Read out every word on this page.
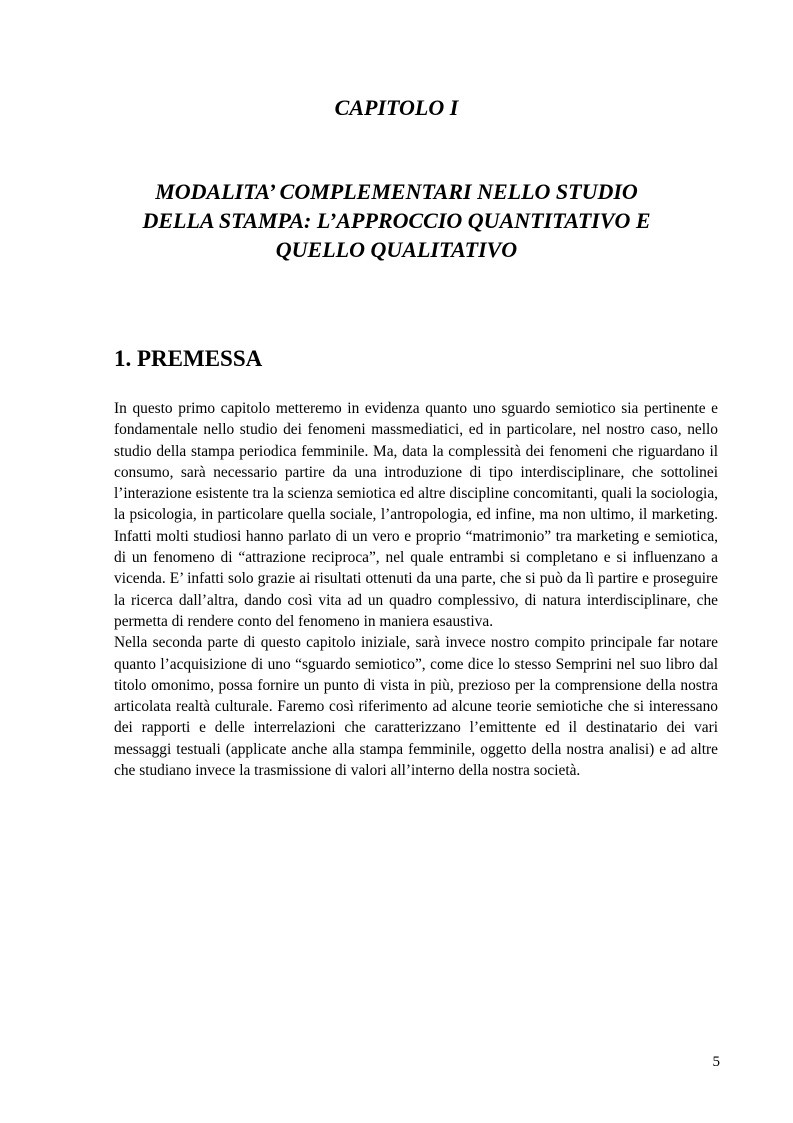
CAPITOLO I
MODALITA’ COMPLEMENTARI NELLO STUDIO
DELLA STAMPA: L’APPROCCIO QUANTITATIVO E
QUELLO QUALITATIVO
1. PREMESSA

In questo primo capitolo metteremo in evidenza quanto uno sguardo semiotico sia pertinente e fondamentale nello studio dei fenomeni massmediatici, ed in particolare, nel nostro caso, nello studio della stampa periodica femminile. Ma, data la complessità dei fenomeni che riguardano il consumo, sarà necessario partire da una introduzione di tipo interdisciplinare, che sottolinei l’interazione esistente tra la scienza semiotica ed altre discipline concomitanti, quali la sociologia, la psicologia, in particolare quella sociale, l’antropologia, ed infine, ma non ultimo, il marketing. Infatti molti studiosi hanno parlato di un vero e proprio “matrimonio” tra marketing e semiotica, di un fenomeno di “attrazione reciproca”, nel quale entrambi si completano e si influenzano a vicenda. E’ infatti solo grazie ai risultati ottenuti da una parte, che si può da lì partire e proseguire la ricerca dall’altra, dando così vita ad un quadro complessivo, di natura interdisciplinare, che permetta di rendere conto del fenomeno in maniera esaustiva.

Nella seconda parte di questo capitolo iniziale, sarà invece nostro compito principale far notare quanto l’acquisizione di uno “sguardo semiotico”, come dice lo stesso Semprini nel suo libro dal titolo omonimo, possa fornire un punto di vista in più, prezioso per la comprensione della nostra articolata realtà culturale. Faremo così riferimento ad alcune teorie semiotiche che si interessano dei rapporti e delle interrelazioni che caratterizzano l’emittente ed il destinatario dei vari messaggi testuali (applicate anche alla stampa femminile, oggetto della nostra analisi) e ad altre che studiano invece la trasmissione di valori all’interno della nostra società.

5
